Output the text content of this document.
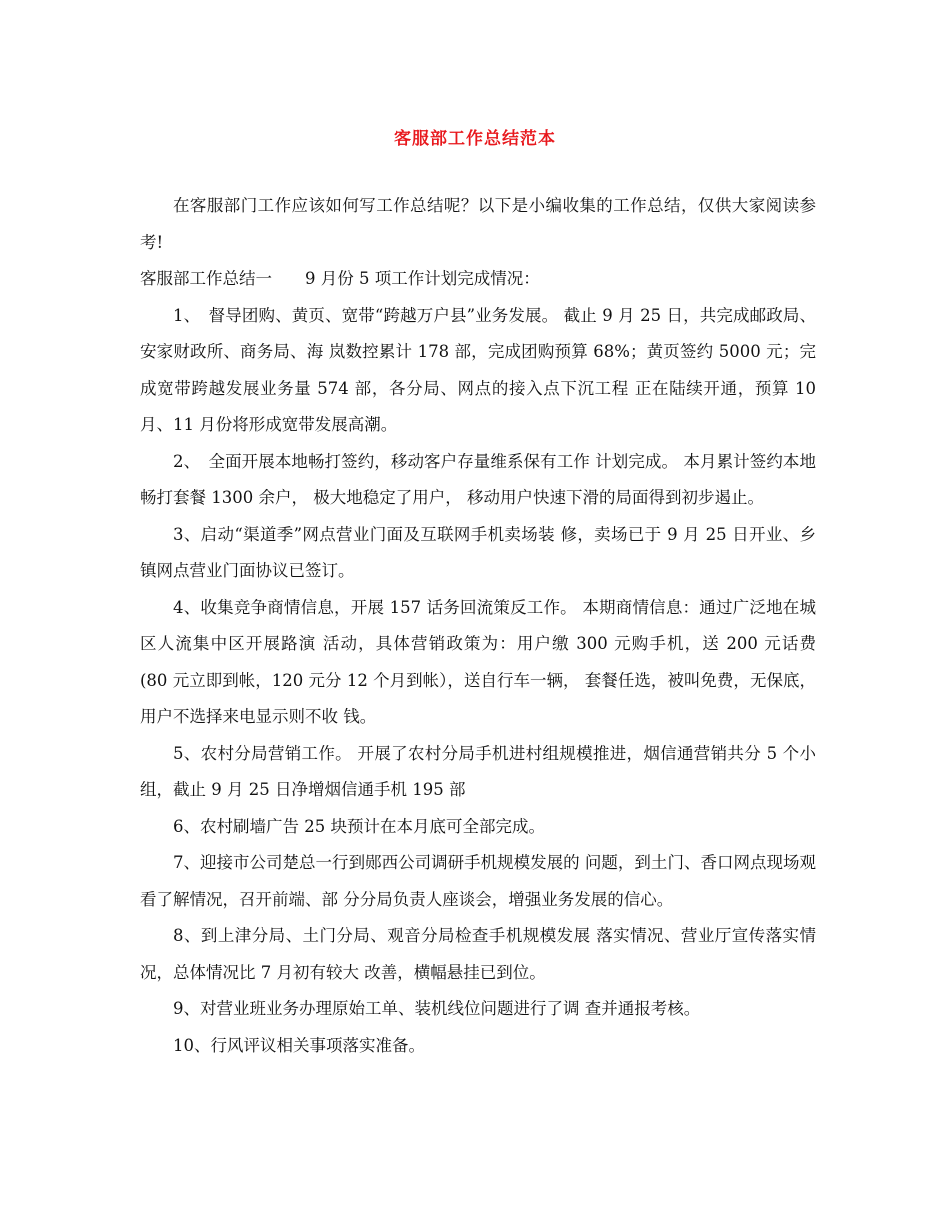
客服部工作总结范本

在客服部门工作应该如何写工作总结呢？以下是小编收集的工作总结，仅供大家阅读参考!

客服部工作总结一　　9 月份 5 项工作计划完成情况：

1、　督导团购、黄页、宽带“跨越万户县”业务发展。 截止 9 月 25 日，共完成邮政局、安家财政所、商务局、海 岚数控累计 178 部，完成团购预算 68%；黄页签约 5000 元；完 成宽带跨越发展业务量 574 部，各分局、网点的接入点下沉工程 正在陆续开通，预算 10 月、11 月份将形成宽带发展高潮。

2、　全面开展本地畅打签约，移动客户存量维系保有工作 计划完成。 本月累计签约本地畅打套餐 1300 余户， 极大地稳定了用户， 移动用户快速下滑的局面得到初步遏止。

3、启动“渠道季”网点营业门面及互联网手机卖场装 修，卖场已于 9 月 25 日开业、乡镇网点营业门面协议已签订。

4、收集竞争商情信息，开展 157 话务回流策反工作。 本期商情信息：通过广泛地在城区人流集中区开展路演 活动，具体营销政策为：用户缴 300 元购手机，送 200 元话费　(80 元立即到帐，120 元分 12 个月到帐），送自行车一辆， 套餐任选，被叫免费，无保底，用户不选择来电显示则不收 钱。

5、农村分局营销工作。 开展了农村分局手机进村组规模推进，烟信通营销共分 5 个小组，截止 9 月 25 日净增烟信通手机 195 部

6、农村刷墙广告 25 块预计在本月底可全部完成。

7、迎接市公司楚总一行到郧西公司调研手机规模发展的 问题，到土门、香口网点现场观看了解情况，召开前端、部 分分局负责人座谈会，增强业务发展的信心。

8、到上津分局、土门分局、观音分局检查手机规模发展 落实情况、营业厅宣传落实情况，总体情况比 7 月初有较大 改善，横幅悬挂已到位。

9、对营业班业务办理原始工单、装机线位问题进行了调 查并通报考核。

10、行风评议相关事项落实准备。
